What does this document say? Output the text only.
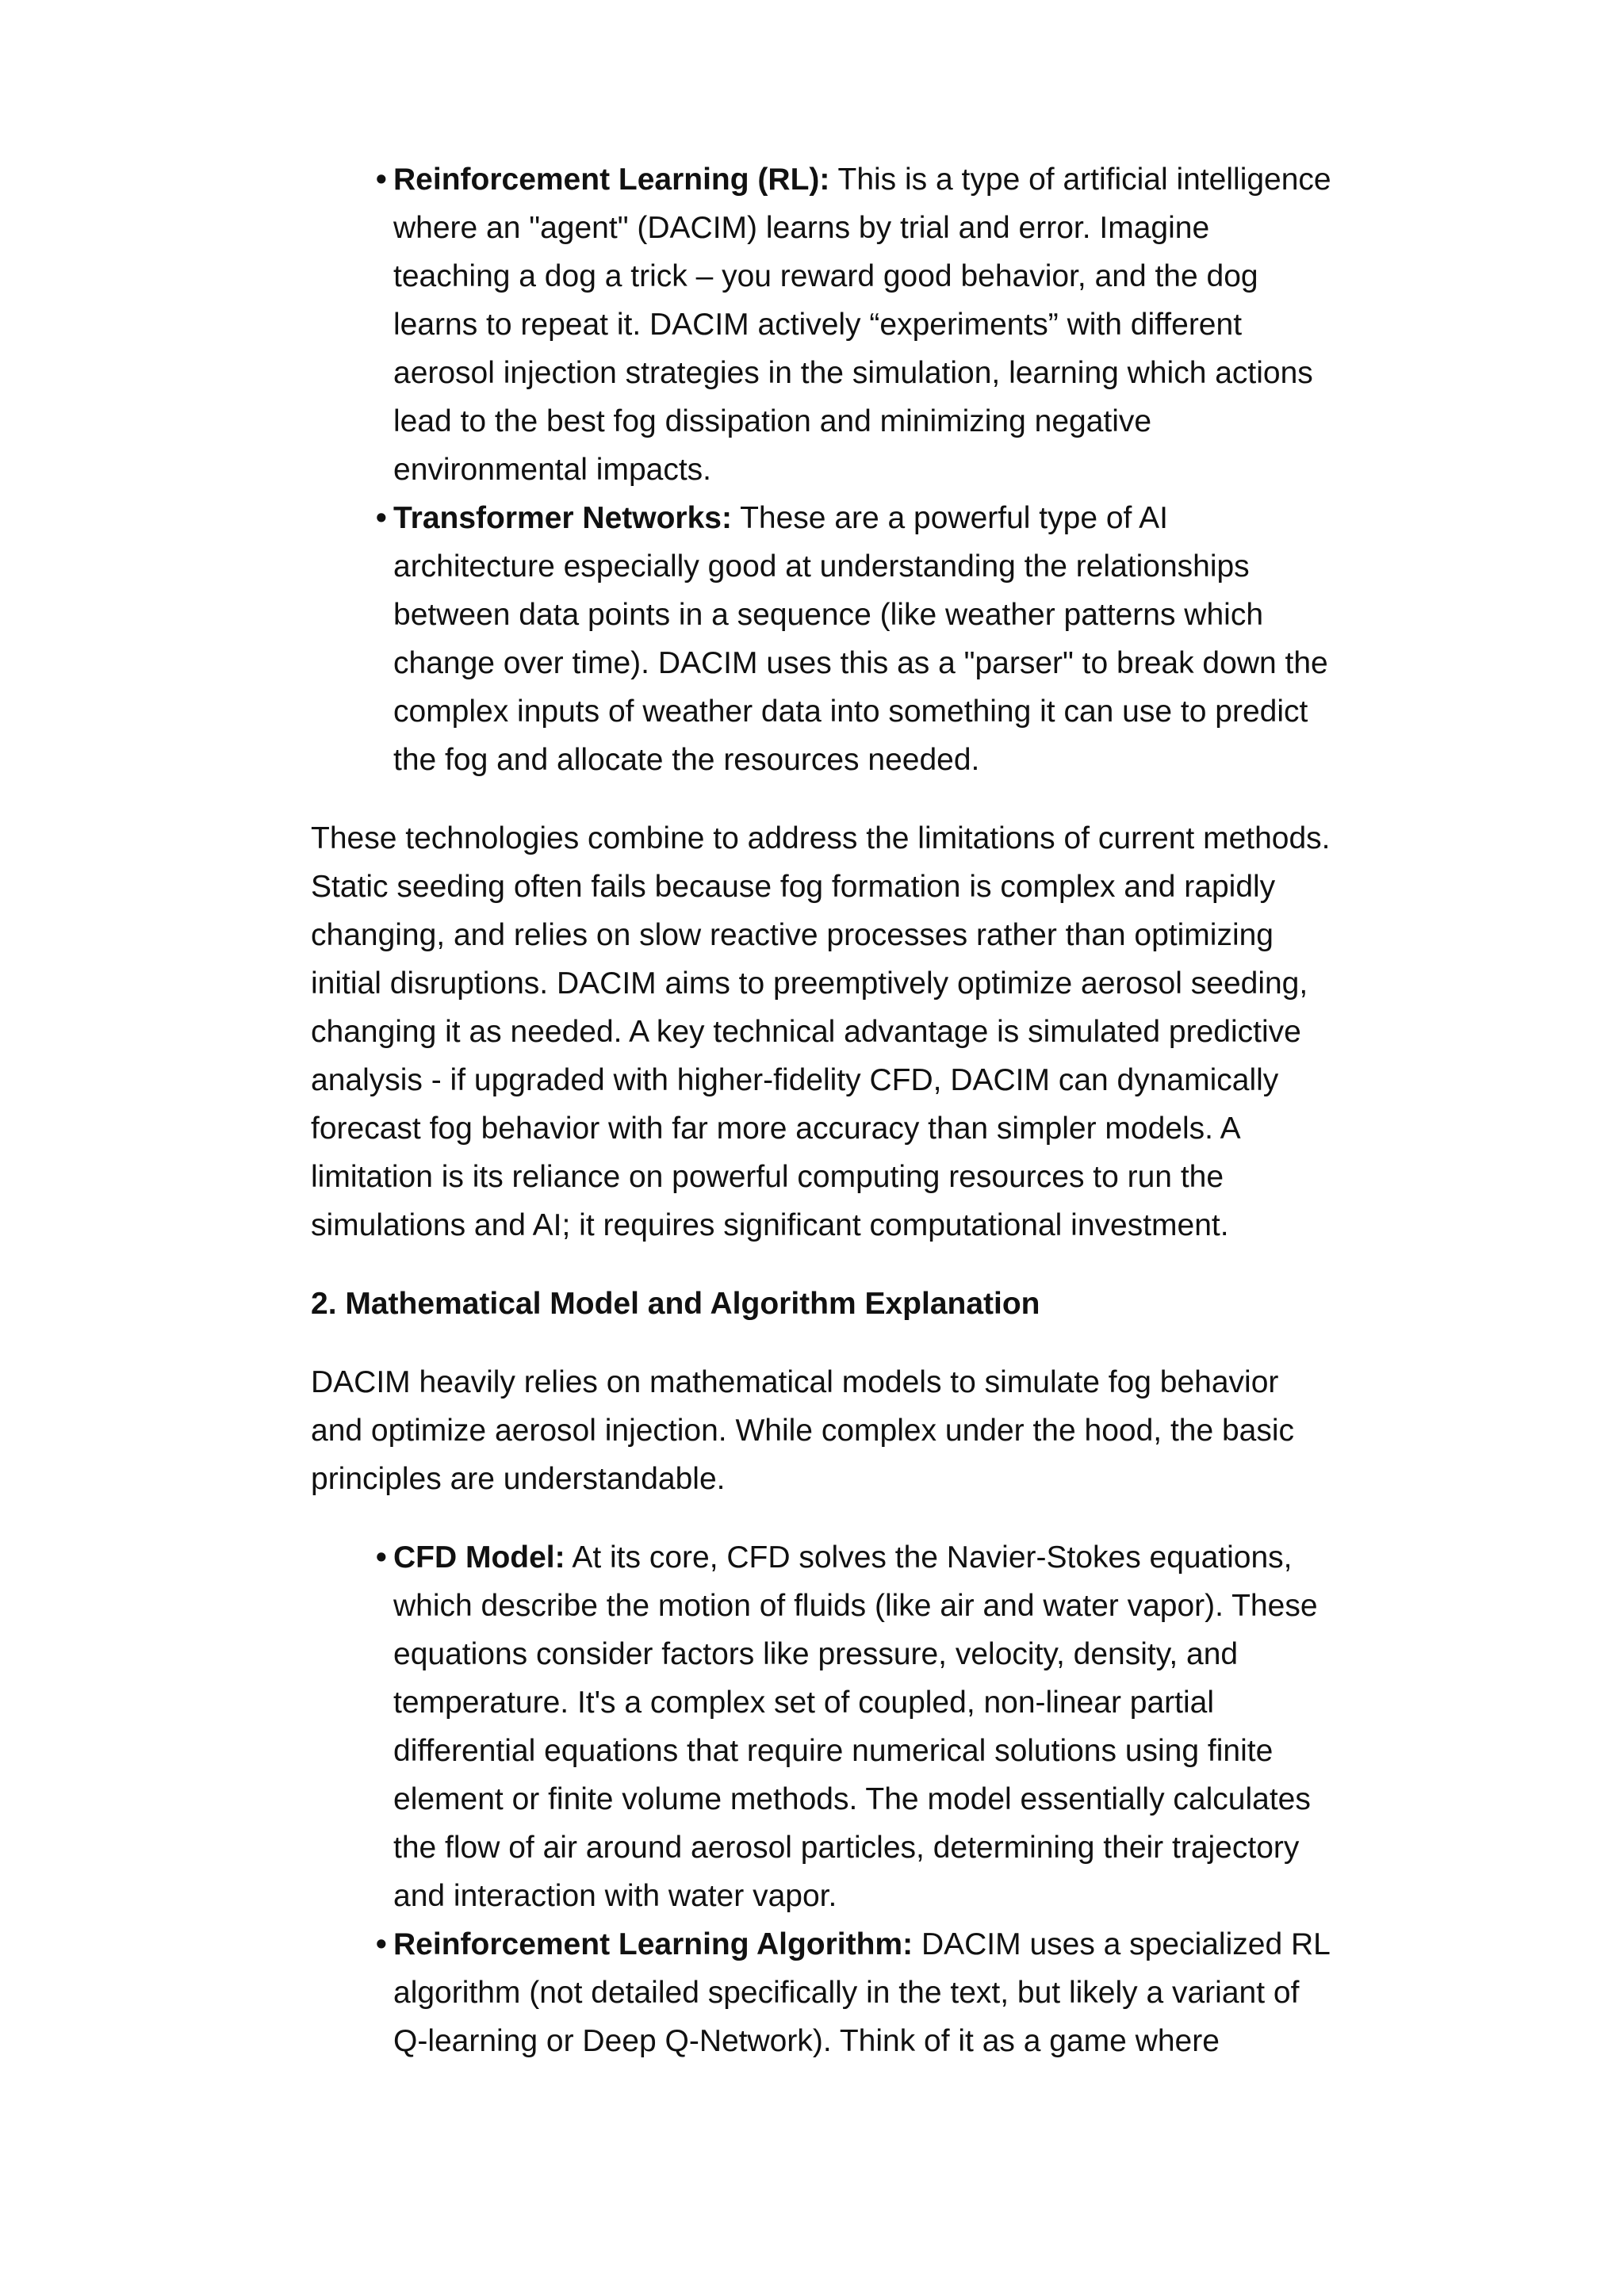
• Reinforcement Learning (RL): This is a type of artificial intelligence where an "agent" (DACIM) learns by trial and error. Imagine teaching a dog a trick – you reward good behavior, and the dog learns to repeat it. DACIM actively “experiments” with different aerosol injection strategies in the simulation, learning which actions lead to the best fog dissipation and minimizing negative environmental impacts.
• Transformer Networks: These are a powerful type of AI architecture especially good at understanding the relationships between data points in a sequence (like weather patterns which change over time). DACIM uses this as a "parser" to break down the complex inputs of weather data into something it can use to predict the fog and allocate the resources needed.

These technologies combine to address the limitations of current methods. Static seeding often fails because fog formation is complex and rapidly changing, and relies on slow reactive processes rather than optimizing initial disruptions. DACIM aims to preemptively optimize aerosol seeding, changing it as needed. A key technical advantage is simulated predictive analysis - if upgraded with higher-fidelity CFD, DACIM can dynamically forecast fog behavior with far more accuracy than simpler models. A limitation is its reliance on powerful computing resources to run the simulations and AI; it requires significant computational investment.

2. Mathematical Model and Algorithm Explanation

DACIM heavily relies on mathematical models to simulate fog behavior and optimize aerosol injection. While complex under the hood, the basic principles are understandable.

• CFD Model: At its core, CFD solves the Navier-Stokes equations, which describe the motion of fluids (like air and water vapor). These equations consider factors like pressure, velocity, density, and temperature. It's a complex set of coupled, non-linear partial differential equations that require numerical solutions using finite element or finite volume methods. The model essentially calculates the flow of air around aerosol particles, determining their trajectory and interaction with water vapor.
• Reinforcement Learning Algorithm: DACIM uses a specialized RL algorithm (not detailed specifically in the text, but likely a variant of Q-learning or Deep Q-Network). Think of it as a game where
